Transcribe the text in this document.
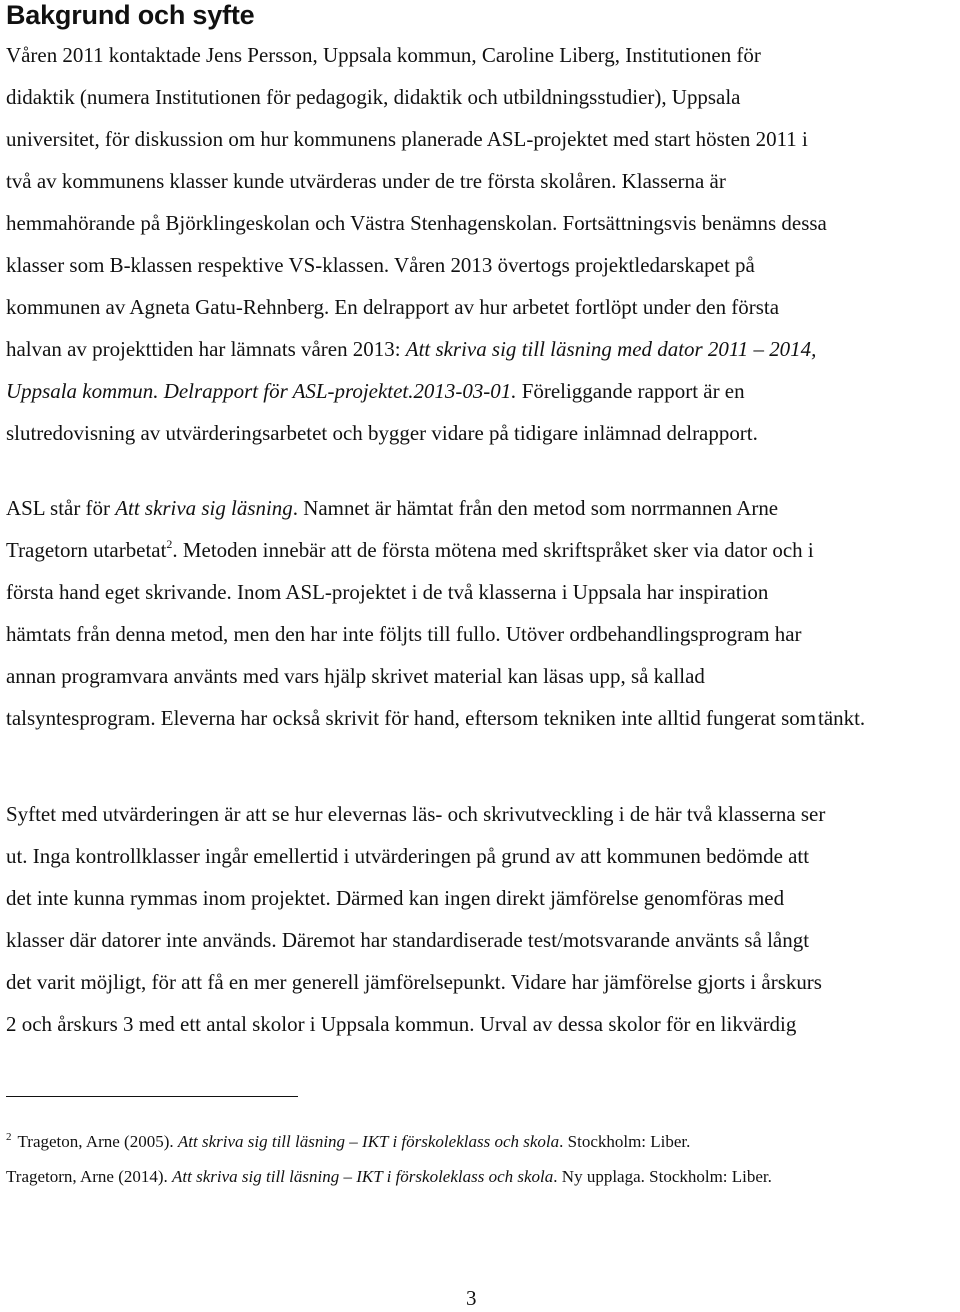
Bakgrund och syfte
Våren 2011 kontaktade Jens Persson, Uppsala kommun, Caroline Liberg, Institutionen fördidaktik (numera Institutionen för pedagogik, didaktik och utbildningsstudier), Uppsalauniversitet, för diskussion om hur kommunens planerade ASL-projektet med start hösten 2011 itvå av kommunens klasser kunde utvärderas under de tre första skolåren. Klasserna ärhemmahörande på Björklingeskolan och Västra Stenhagenskolan. Fortsättningsvis benämns dessaklasser som B-klassen respektive VS-klassen. Våren 2013 övertogs projektledarskapet påkommunen av Agneta Gatu-Rehnberg. En delrapport av hur arbetet fortlöpt under den förstahalvan av projekttiden har lämnats våren 2013: Att skriva sig till läsning med dator 2011 – 2014,Uppsala kommun. Delrapport för ASL-projektet.2013-03-01. Föreliggande rapport är enslutredovisning av utvärderingsarbetet och bygger vidare på tidigare inlämnad delrapport.
ASL står för Att skriva sig läsning. Namnet är hämtat från den metod som norrmannen ArneTragetorn utarbetat$^2$. Metoden innebär att de första mötena med skriftspråket sker via dator och iförsta hand eget skrivande. Inom ASL-projektet i de två klasserna i Uppsala har inspirationhämtats från denna metod, men den har inte följts till fullo. Utöver ordbehandlingsprogram harannan programvara använts med vars hjälp skrivet material kan läsas upp, så kalladtalsyntesprogram. Eleverna har också skrivit för hand, eftersom tekniken inte alltid fungerat somtänkt.
Syftet med utvärderingen är att se hur elevernas läs- och skrivutveckling i de här två klasserna serut. Inga kontrollklasser ingår emellertid i utvärderingen på grund av att kommunen bedömde attdet inte kunna rymmas inom projektet. Därmed kan ingen direkt jämförelse genomföras medklasser där datorer inte används. Däremot har standardiserade test/motsvarande använts så långtdet varit möjligt, för att få en mer generell jämförelsepunkt. Vidare har jämförelse gjorts i årskurs2 och årskurs 3 med ett antal skolor i Uppsala kommun. Urval av dessa skolor för en likvärdig
$^2$ Trageton, Arne (2005). Att skriva sig till läsning – IKT i förskoleklass och skola. Stockholm: Liber.
Tragetorn, Arne (2014). Att skriva sig till läsning – IKT i förskoleklass och skola. Ny upplaga. Stockholm: Liber.
3
